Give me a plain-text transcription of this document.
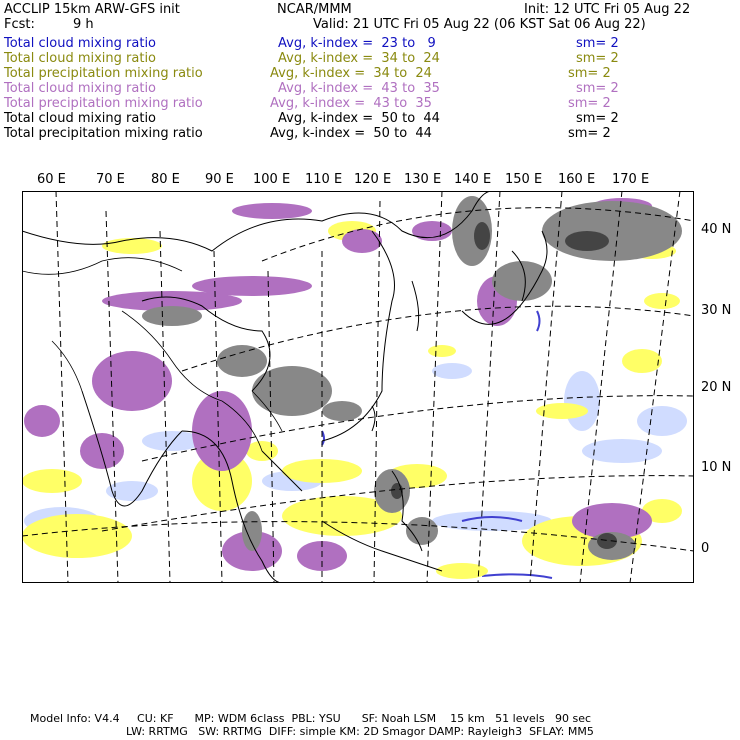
ACCLIP 15km ARW-GFS init	NCAR/MMM	Init: 12 UTC Fri 05 Aug 22
Fcst:	9 h	Valid: 21 UTC Fri 05 Aug 22 (06 KST Sat 06 Aug 22)
Total cloud mixing ratio	Avg, k-index =  23 to   9	sm= 2
Total cloud mixing ratio	Avg, k-index =  34 to  24	sm= 2
Total precipitation mixing ratio	Avg, k-index =  34 to  24	sm= 2
Total cloud mixing ratio	Avg, k-index =  43 to  35	sm= 2
Total precipitation mixing ratio	Avg, k-index =  43 to  35	sm= 2
Total cloud mixing ratio	Avg, k-index =  50 to  44	sm= 2
Total precipitation mixing ratio	Avg, k-index =  50 to  44	sm= 2
60 E 70 E 80 E 90 E 100 E 110 E 120 E 130 E 140 E 150 E 160 E 170 E
40 N
30 N
20 N
10 N
0
Model Info: V4.4     CU: KF      MP: WDM 6class  PBL: YSU      SF: Noah LSM    15 km   51 levels   90 sec
LW: RRTMG   SW: RRTMG  DIFF: simple KM: 2D Smagor DAMP: Rayleigh3  SFLAY: MM5
